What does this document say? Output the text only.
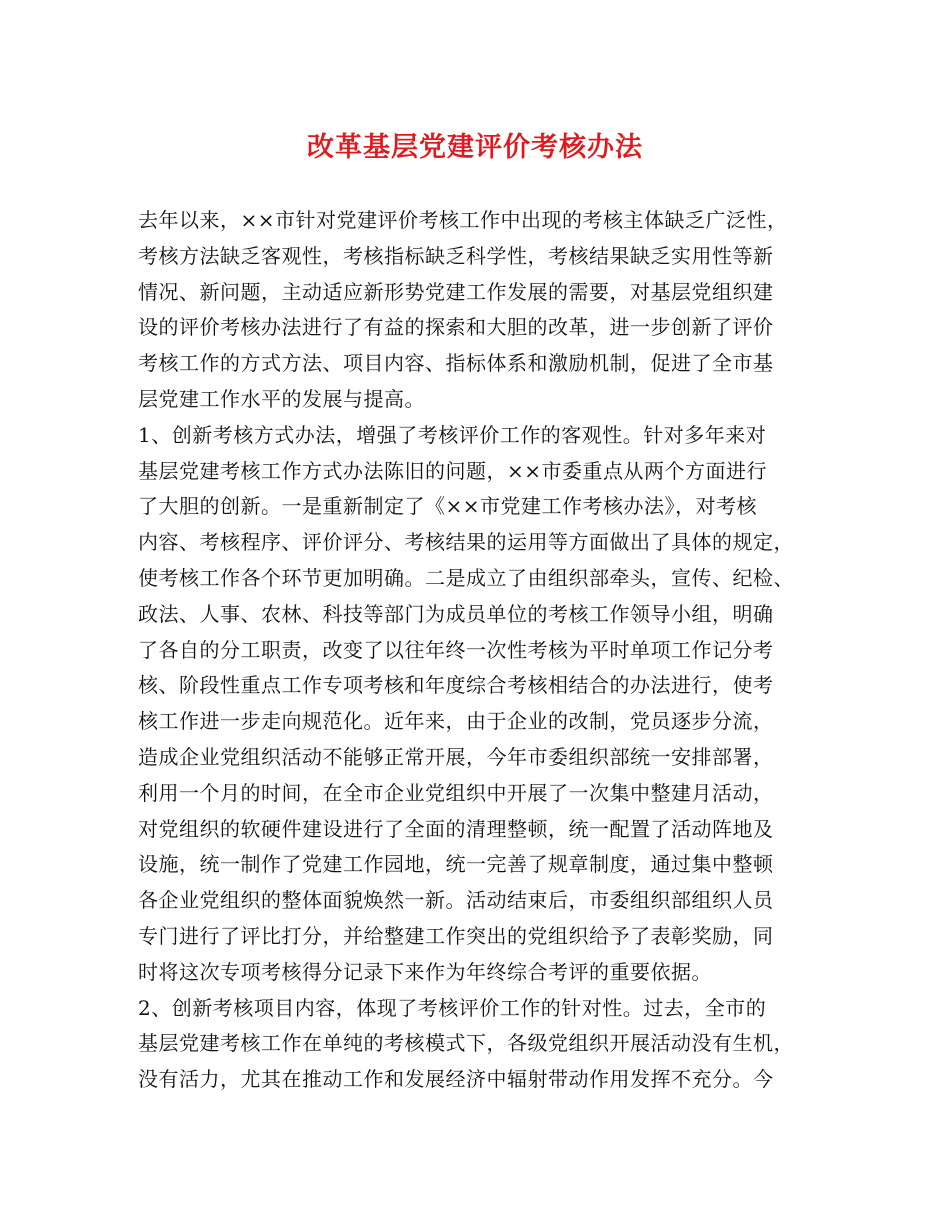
改革基层党建评价考核办法
去年以来，××市针对党建评价考核工作中出现的考核主体缺乏广泛性，
考核方法缺乏客观性，考核指标缺乏科学性，考核结果缺乏实用性等新
情况、新问题，主动适应新形势党建工作发展的需要，对基层党组织建
设的评价考核办法进行了有益的探索和大胆的改革，进一步创新了评价
考核工作的方式方法、项目内容、指标体系和激励机制，促进了全市基
层党建工作水平的发展与提高。
1、创新考核方式办法，增强了考核评价工作的客观性。针对多年来对
基层党建考核工作方式办法陈旧的问题，××市委重点从两个方面进行
了大胆的创新。一是重新制定了《××市党建工作考核办法》，对考核
内容、考核程序、评价评分、考核结果的运用等方面做出了具体的规定，
使考核工作各个环节更加明确。二是成立了由组织部牵头，宣传、纪检、
政法、人事、农林、科技等部门为成员单位的考核工作领导小组，明确
了各自的分工职责，改变了以往年终一次性考核为平时单项工作记分考
核、阶段性重点工作专项考核和年度综合考核相结合的办法进行，使考
核工作进一步走向规范化。近年来，由于企业的改制，党员逐步分流，
造成企业党组织活动不能够正常开展，今年市委组织部统一安排部署，
利用一个月的时间，在全市企业党组织中开展了一次集中整建月活动，
对党组织的软硬件建设进行了全面的清理整顿，统一配置了活动阵地及
设施，统一制作了党建工作园地，统一完善了规章制度，通过集中整顿
各企业党组织的整体面貌焕然一新。活动结束后，市委组织部组织人员
专门进行了评比打分，并给整建工作突出的党组织给予了表彰奖励，同
时将这次专项考核得分记录下来作为年终综合考评的重要依据。
2、创新考核项目内容，体现了考核评价工作的针对性。过去，全市的
基层党建考核工作在单纯的考核模式下，各级党组织开展活动没有生机，
没有活力，尤其在推动工作和发展经济中辐射带动作用发挥不充分。今
